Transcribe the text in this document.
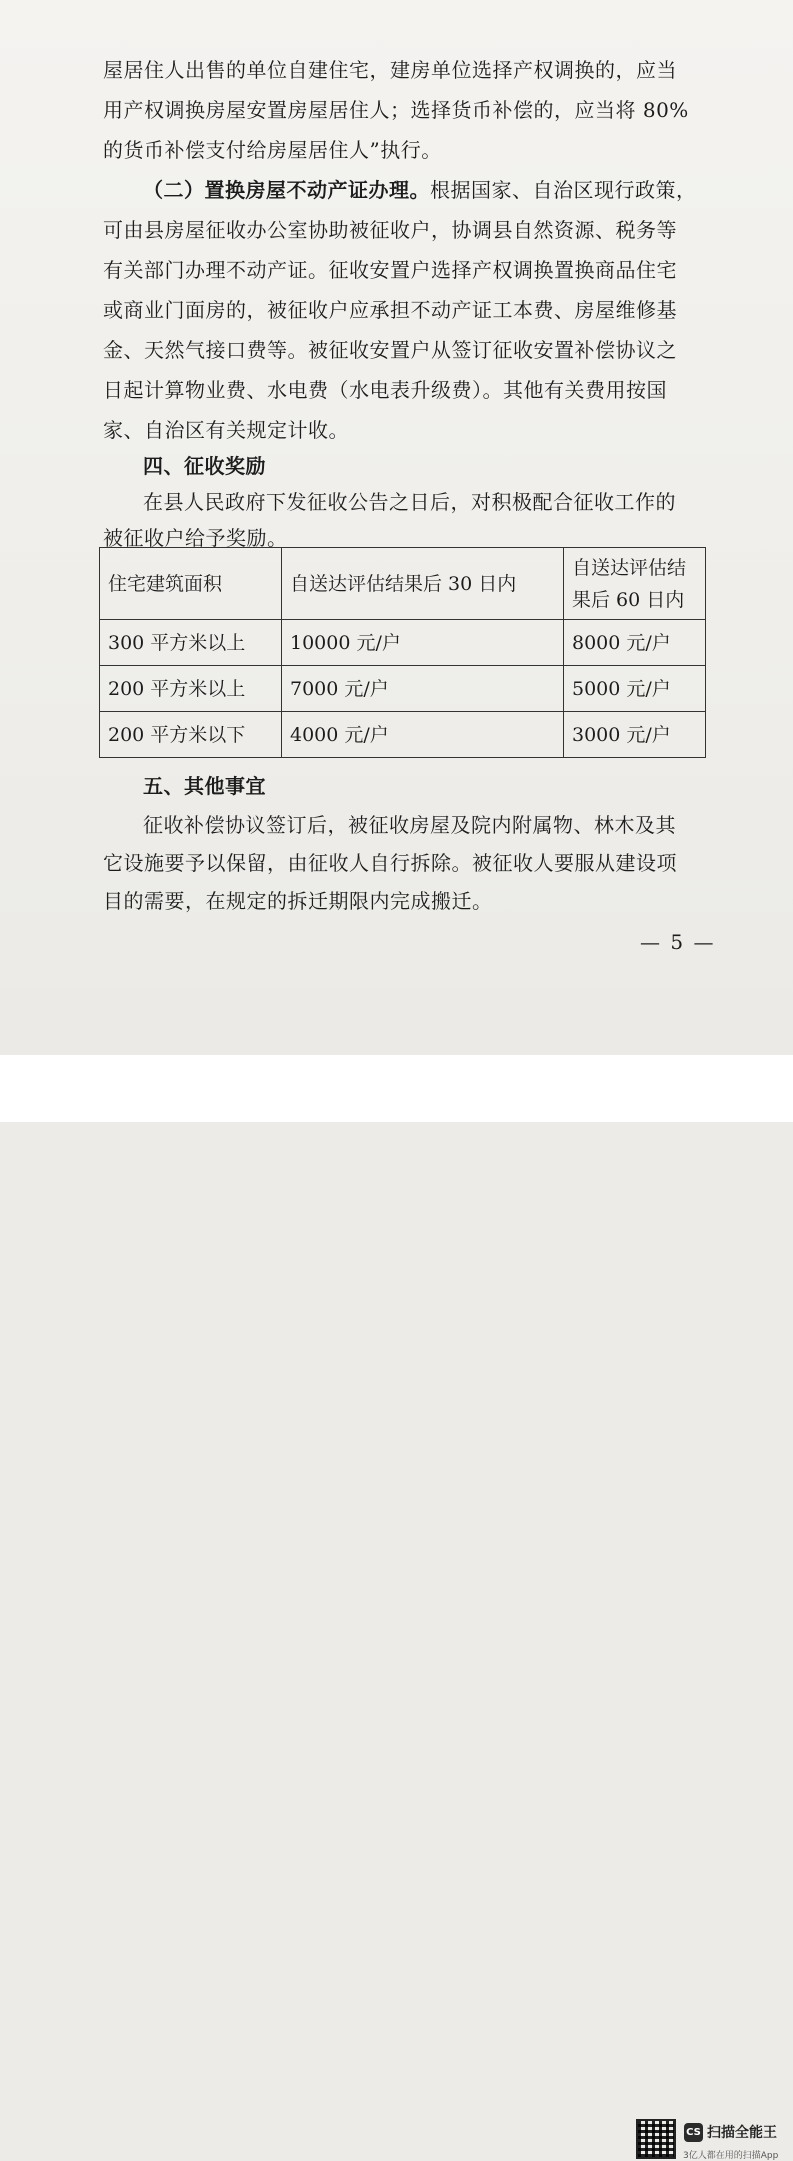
屋居住人出售的单位自建住宅，建房单位选择产权调换的，应当
用产权调换房屋安置房屋居住人；选择货币补偿的，应当将 80%
的货币补偿支付给房屋居住人”执行。
（二）置换房屋不动产证办理。根据国家、自治区现行政策，
可由县房屋征收办公室协助被征收户，协调县自然资源、税务等
有关部门办理不动产证。征收安置户选择产权调换置换商品住宅
或商业门面房的，被征收户应承担不动产证工本费、房屋维修基
金、天然气接口费等。被征收安置户从签订征收安置补偿协议之
日起计算物业费、水电费（水电表升级费）。其他有关费用按国
家、自治区有关规定计收。
四、征收奖励
在县人民政府下发征收公告之日后，对积极配合征收工作的
被征收户给予奖励。
住宅建筑面积	自送达评估结果后 30 日内	自送达评估结
果后 60 日内

300 平方米以上	10000 元/户	8000 元/户
200 平方米以上	7000 元/户	5000 元/户
200 平方米以下	4000 元/户	3000 元/户
五、其他事宜
征收补偿协议签订后，被征收房屋及院内附属物、林木及其
它设施要予以保留，由征收人自行拆除。被征收人要服从建设项
目的需要，在规定的拆迁期限内完成搬迁。
— 5 —
CS 扫描全能王
3亿人都在用的扫描App
